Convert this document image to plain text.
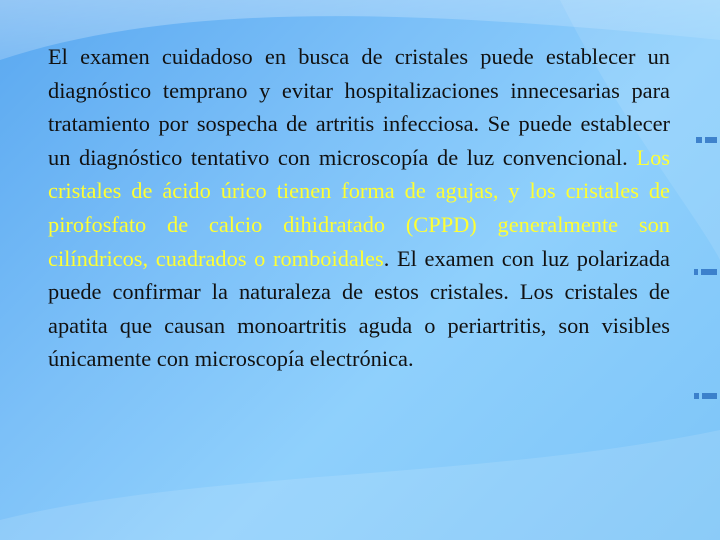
El examen cuidadoso en busca de cristales puede establecer un diagnóstico temprano y evitar hospitalizaciones innecesarias para tratamiento por sospecha de artritis infecciosa. Se puede establecer un diagnóstico tentativo con microscopía de luz convencional. Los cristales de ácido úrico tienen forma de agujas, y los cristales de pirofosfato de calcio dihidratado (CPPD) generalmente son cilíndricos, cuadrados o romboidales. El examen con luz polarizada puede confirmar la naturaleza de estos cristales. Los cristales de apatita que causan monoartritis aguda o periartritis, son visibles únicamente con microscopía electrónica.
